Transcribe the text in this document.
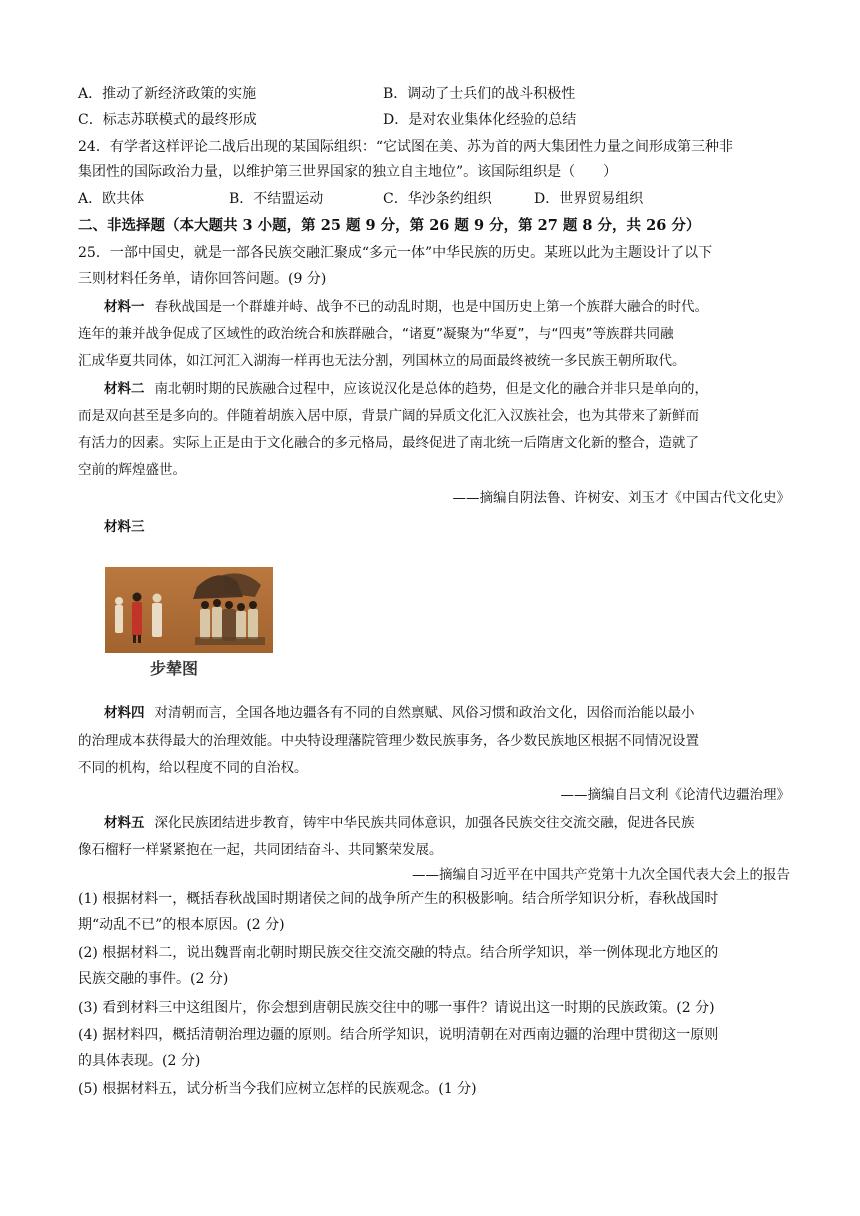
A．推动了新经济政策的实施	B．调动了士兵们的战斗积极性
C．标志苏联模式的最终形成	D．是对农业集体化经验的总结
24．有学者这样评论二战后出现的某国际组织：“它试图在美、苏为首的两大集团性力量之间形成第三种非
集团性的国际政治力量，以维护第三世界国家的独立自主地位”。该国际组织是（　　）
A．欧共体	B．不结盟运动	C．华沙条约组织	D．世界贸易组织
二、非选择题（本大题共 3 小题，第 25 题 9 分，第 26 题 9 分，第 27 题 8 分，共 26 分）
25．一部中国史，就是一部各民族交融汇聚成“多元一体”中华民族的历史。某班以此为主题设计了以下
三则材料任务单，请你回答问题。(9 分)
材料一 春秋战国是一个群雄并峙、战争不已的动乱时期，也是中国历史上第一个族群大融合的时代。
连年的兼并战争促成了区域性的政治统合和族群融合，“诸夏”凝聚为“华夏”，与“四夷”等族群共同融
汇成华夏共同体，如江河汇入湖海一样再也无法分割，列国林立的局面最终被统一多民族王朝所取代。
材料二 南北朝时期的民族融合过程中，应该说汉化是总体的趋势，但是文化的融合并非只是单向的，
而是双向甚至是多向的。伴随着胡族入居中原，背景广阔的异质文化汇入汉族社会，也为其带来了新鲜而
有活力的因素。实际上正是由于文化融合的多元格局，最终促进了南北统一后隋唐文化新的整合，造就了
空前的辉煌盛世。
——摘编自阴法鲁、许树安、刘玉才《中国古代文化史》
材料三
步辇图
材料四 对清朝而言，全国各地边疆各有不同的自然禀赋、风俗习惯和政治文化，因俗而治能以最小
的治理成本获得最大的治理效能。中央特设理藩院管理少数民族事务，各少数民族地区根据不同情况设置
不同的机构，给以程度不同的自治权。
——摘编自吕文利《论清代边疆治理》
材料五 深化民族团结进步教育，铸牢中华民族共同体意识，加强各民族交往交流交融，促进各民族
像石榴籽一样紧紧抱在一起，共同团结奋斗、共同繁荣发展。
——摘编自习近平在中国共产党第十九次全国代表大会上的报告
(1) 根据材料一，概括春秋战国时期诸侯之间的战争所产生的积极影响。结合所学知识分析，春秋战国时
期“动乱不已”的根本原因。(2 分)
(2) 根据材料二，说出魏晋南北朝时期民族交往交流交融的特点。结合所学知识，举一例体现北方地区的
民族交融的事件。(2 分)
(3) 看到材料三中这组图片，你会想到唐朝民族交往中的哪一事件？请说出这一时期的民族政策。(2 分)
(4) 据材料四，概括清朝治理边疆的原则。结合所学知识，说明清朝在对西南边疆的治理中贯彻这一原则
的具体表现。(2 分)
(5) 根据材料五，试分析当今我们应树立怎样的民族观念。(1 分)
